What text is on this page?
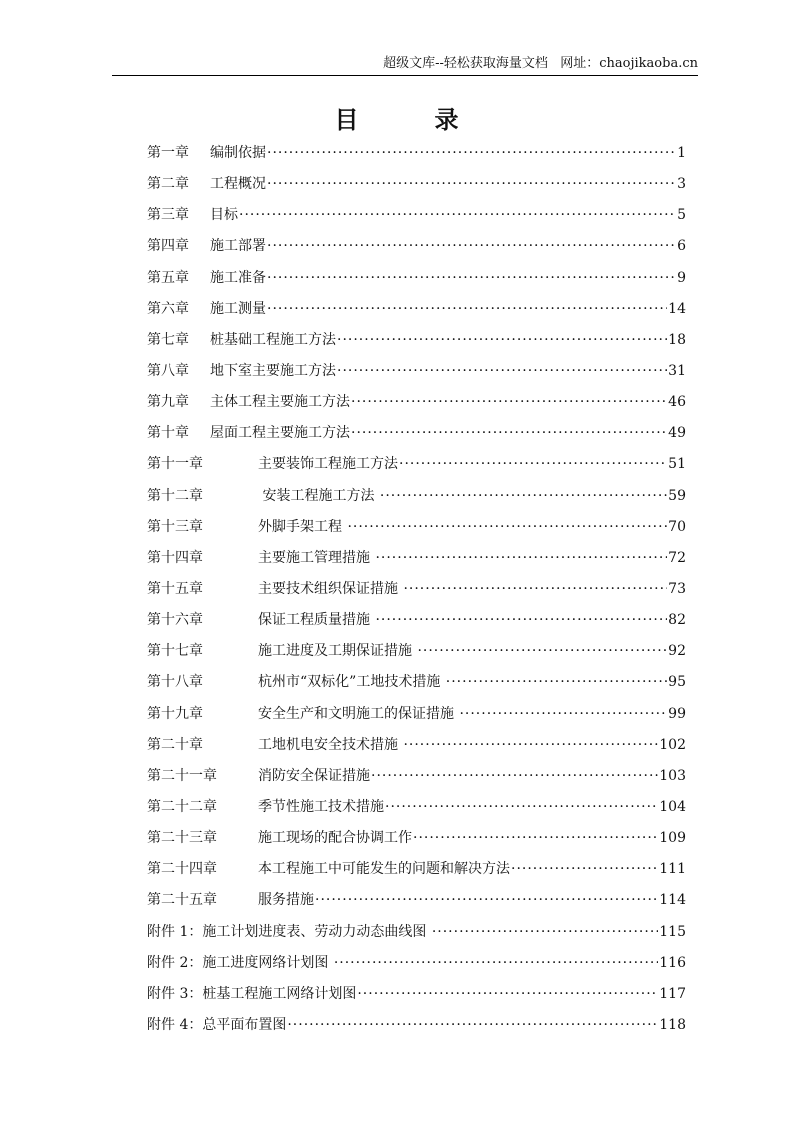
超级文库--轻松获取海量文档   网址：chaojikaoba.cn
目	录
第一章	编制依据 ·····	1
第二章	工程概况 ·····	3
第三章	目标 ·····	5
第四章	施工部署 ·····	6
第五章	施工准备 ·····	9
第六章	施工测量 ·····	14
第七章	桩基础工程施工方法 ·····	18
第八章	地下室主要施工方法 ·····	31
第九章	主体工程主要施工方法 ·····	46
第十章	屋面工程主要施工方法 ·····	49
第十一章	主要装饰工程施工方法 ·····	51
第十二章	安装工程施工方法 ·····	59
第十三章	外脚手架工程 ·····	70
第十四章	主要施工管理措施 ·····	72
第十五章	主要技术组织保证措施 ·····	73
第十六章	保证工程质量措施 ·····	82
第十七章	施工进度及工期保证措施 ·····	92
第十八章	杭州市“双标化”工地技术措施 ·····	95
第十九章	安全生产和文明施工的保证措施 ·····	99
第二十章	工地机电安全技术措施 ·····	102
第二十一章	消防安全保证措施 ·····	103
第二十二章	季节性施工技术措施 ·····	104
第二十三章	施工现场的配合协调工作 ·····	109
第二十四章	本工程施工中可能发生的问题和解决方法 ·····	111
第二十五章	服务措施 ·····	114
附件 1：施工计划进度表、劳动力动态曲线图 ·····	115
附件 2：施工进度网络计划图 ·····	116
附件 3：桩基工程施工网络计划图 ·····	117
附件 4：总平面布置图 ·····	118
